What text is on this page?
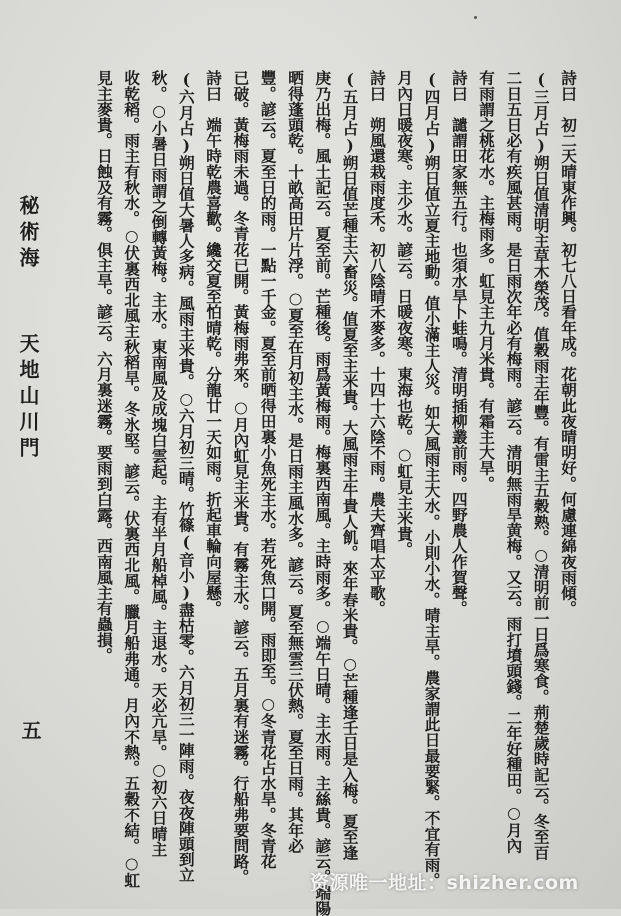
詩曰　初二天晴東作興。初七八日看年成。花朝此夜晴明好。何慮連綿夜雨傾。
(三月占)朔日值清明主草木榮茂。值穀雨主年豐。有雷主五穀熟。○清明前一日爲寒食。荊楚歲時記云。冬至百
二日五日必有疾風甚雨。是日雨次年必有梅雨。諺云。清明無雨旱黄梅。又云。雨打墳頭錢。二年好種田。○月內
有雨謂之桃花水。主梅雨多。虹見主九月米貴。有霜主大旱。
詩曰　譴謂田家無五行。也須水旱卜蛙鳴。清明插柳叢前雨。四野農人作賀聲。
(四月占)朔日值立夏主地動。值小滿主人災。如大風雨主大水。小則小水。晴主旱。農家謂此日最要緊。不宜有雨。
月內日暖夜寒。主少水。諺云。日暖夜寒。東海也乾。○虹見主米貴。
詩曰　朔風還栽雨度禾。初八陰晴禾麥多。十四十六陰不雨。農夫齊唱太平歌。
(五月占)朔日值芒種主六畜災。值夏至主米貴。大風雨主牛貴人飢。來年春米貴。○芒種逢壬日是入梅。夏至逢
庚乃出梅。風土記云。夏至前。芒種後。雨爲黃梅雨。梅裏西南風。主時雨多。○端午日晴。主水雨。主絲貴。諺云。端陽
晒得蓬頭乾。十畝高田片片浮。○夏至在月初主水。是日雨主風水多。諺云。夏至無雲三伏熱。夏至日雨。其年必
豐。諺云。夏至日的雨。一點一千金。夏至前晒得田裏小魚死主水。若死魚口開。雨即至。○冬青花占水旱。冬青花
已破。黃梅雨未過。冬青花已開。黃梅雨弗來。○月內虹見主米貴。有霧主水。諺云。五月裏有迷霧。行船弗要問路。
詩曰　端午時乾農喜歡。纔交夏至怕晴乾。分龍廿一天如雨。折起車輪向屋懸。
(六月占)朔日值大暑人多病。風雨主米貴。○六月初三晴。竹篠(音小)盡枯零。六月初三一陣雨。夜夜陣頭到立
秋。○小暑日雨謂之倒轉黃梅。主水。東南風及成塊白雲起。主有半月船棹風。主退水。天必亢旱。○初六日晴主
收乾稻。雨主有秋水。○伏裏西北風主秋稻旱。冬氷堅。諺云。伏裏西北風。臘月船弗通。月內不熱。五穀不結。○虹
見主麥貴。日蝕及有霧。俱主旱。諺云。六月裏迷霧。要雨到白露。西南風主有蟲損。
秘術海天地山川門
五
资源唯一地址：shizher.com
